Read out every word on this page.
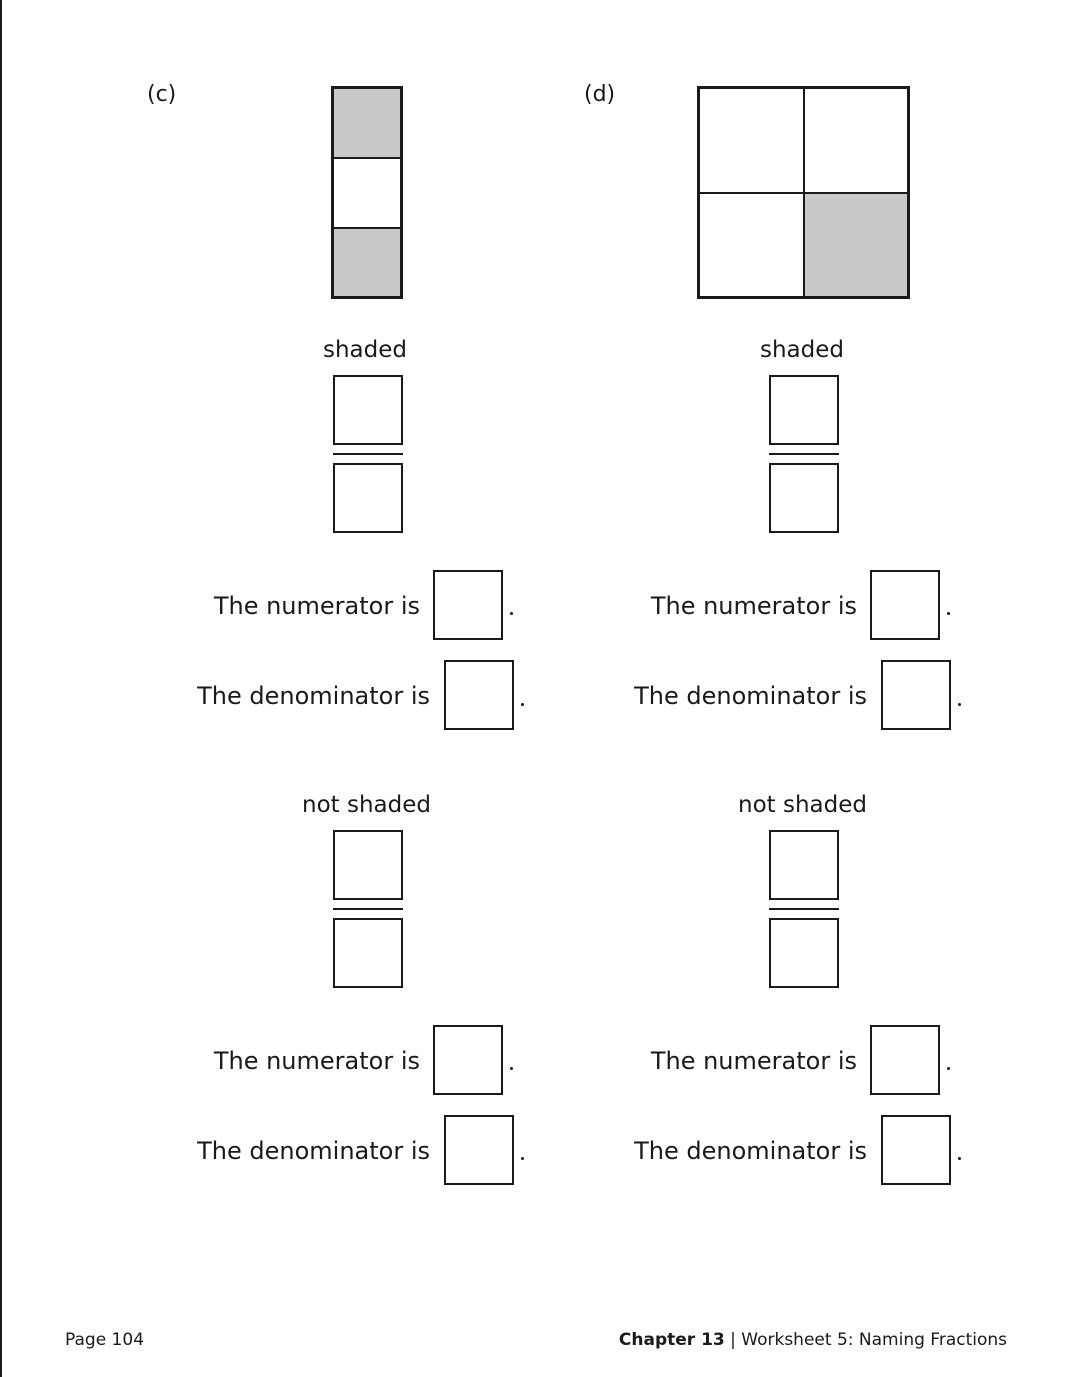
(c)
shaded
The numerator is
The denominator is
not shaded
The numerator is
The denominator is
(d)
shaded
The numerator is
The denominator is
not shaded
The numerator is
The denominator is
Page 104	Chapter 13 | Worksheet 5: Naming Fractions
